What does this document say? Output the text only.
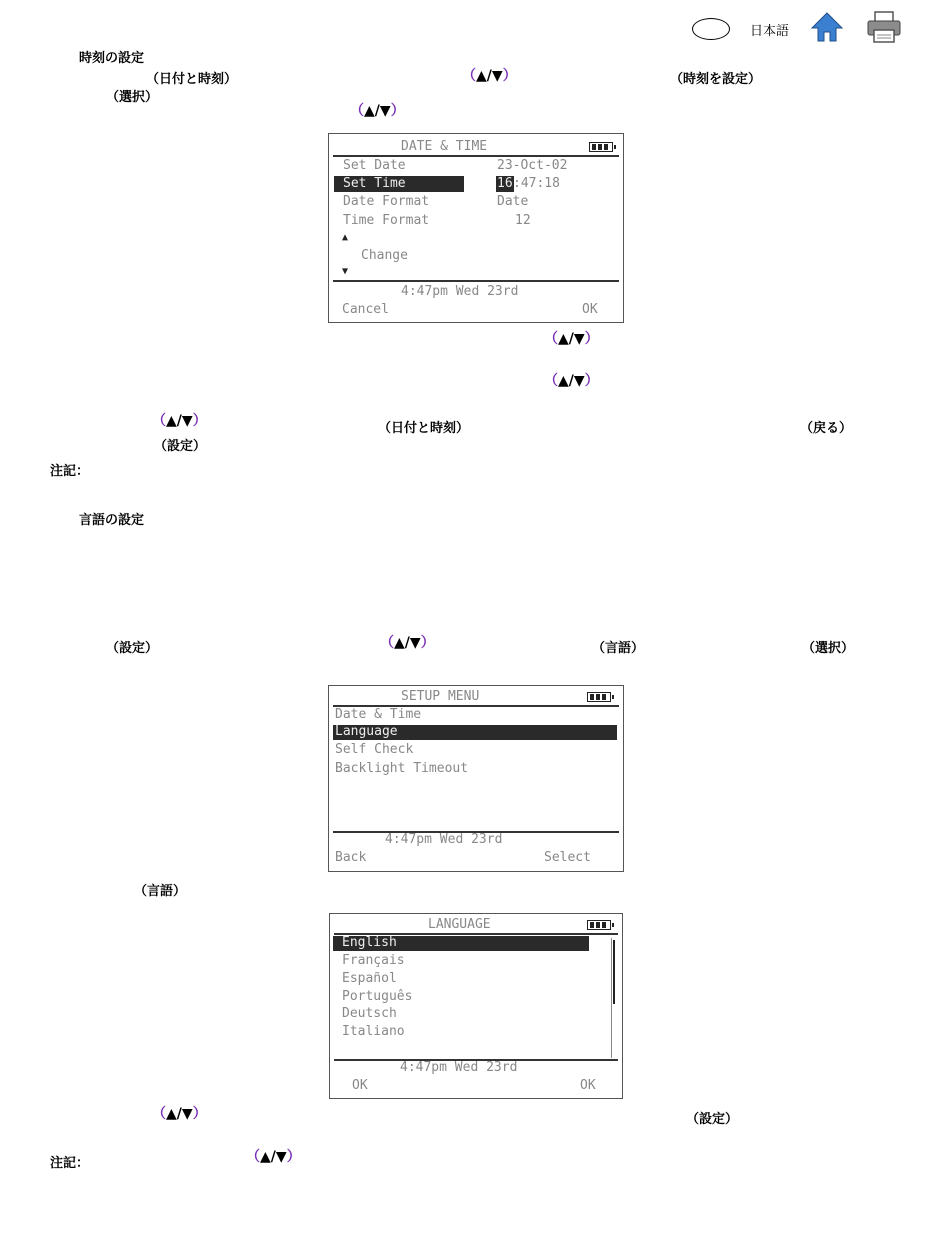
日本語
時刻の設定
（日付と時刻）	（▲/▼）	（時刻を設定）
（選択）
（▲/▼）
DATE & TIME
Set Date	23-Oct-02
Set Time	16 :47:18
Date Format	Date
Time Format	12
▲
Change
▼
4:47pm Wed 23rd
Cancel	OK
（▲/▼）
（▲/▼）
（▲/▼）	（日付と時刻）	（戻る）
（設定）
注記：
言語の設定
（設定）	（▲/▼）	（言語）	（選択）
SETUP MENU
Date & Time
Language
Self Check
Backlight Timeout
4:47pm Wed 23rd
Back	Select
（言語）
LANGUAGE
English
Français
Español
Português
Deutsch
Italiano
4:47pm Wed 23rd
OK	OK
（▲/▼）	（設定）
注記：	（▲/▼）
